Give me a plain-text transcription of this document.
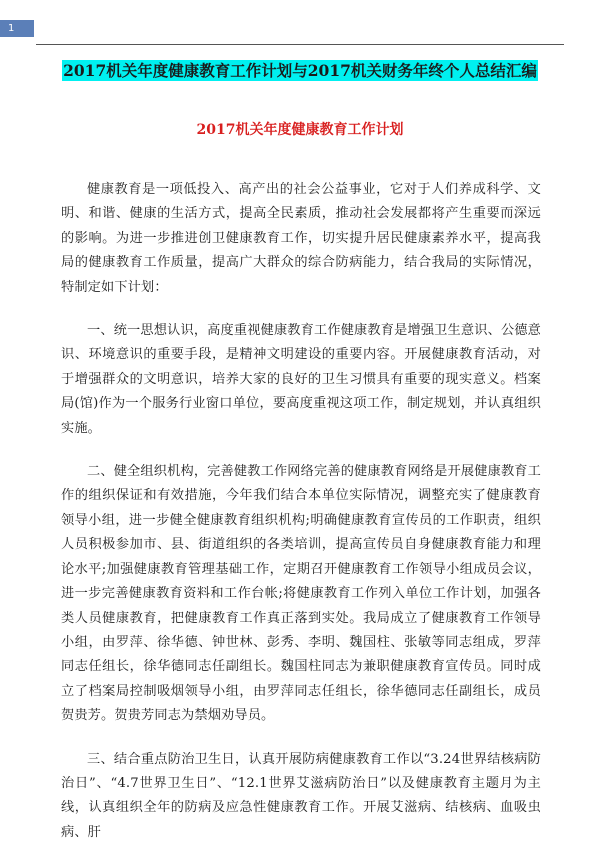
1
2017机关年度健康教育工作计划与2017机关财务年终个人总结汇编
2017机关年度健康教育工作计划

健康教育是一项低投入、高产出的社会公益事业，它对于人们养成科学、文明、和谐、健康的生活方式，提高全民素质，推动社会发展都将产生重要而深远的影响。为进一步推进创卫健康教育工作，切实提升居民健康素养水平，提高我局的健康教育工作质量，提高广大群众的综合防病能力，结合我局的实际情况，特制定如下计划：

一、统一思想认识，高度重视健康教育工作健康教育是增强卫生意识、公德意识、环境意识的重要手段，是精神文明建设的重要内容。开展健康教育活动，对于增强群众的文明意识，培养大家的良好的卫生习惯具有重要的现实意义。档案局(馆)作为一个服务行业窗口单位，要高度重视这项工作，制定规划，并认真组织实施。

二、健全组织机构，完善健教工作网络完善的健康教育网络是开展健康教育工作的组织保证和有效措施，今年我们结合本单位实际情况，调整充实了健康教育领导小组，进一步健全健康教育组织机构;明确健康教育宣传员的工作职责，组织人员积极参加市、县、街道组织的各类培训，提高宣传员自身健康教育能力和理论水平;加强健康教育管理基础工作，定期召开健康教育工作领导小组成员会议，进一步完善健康教育资料和工作台帐;将健康教育工作列入单位工作计划，加强各类人员健康教育，把健康教育工作真正落到实处。我局成立了健康教育工作领导小组，由罗萍、徐华德、钟世林、彭秀、李明、魏国柱、张敏等同志组成，罗萍同志任组长，徐华德同志任副组长。魏国柱同志为兼职健康教育宣传员。同时成立了档案局控制吸烟领导小组，由罗萍同志任组长，徐华德同志任副组长，成员贺贵芳。贺贵芳同志为禁烟劝导员。

三、结合重点防治卫生日，认真开展防病健康教育工作以“3.24世界结核病防治日”、“4.7世界卫生日”、“12.1世界艾滋病防治日”以及健康教育主题月为主线，认真组织全年的防病及应急性健康教育工作。开展艾滋病、结核病、血吸虫病、肝
